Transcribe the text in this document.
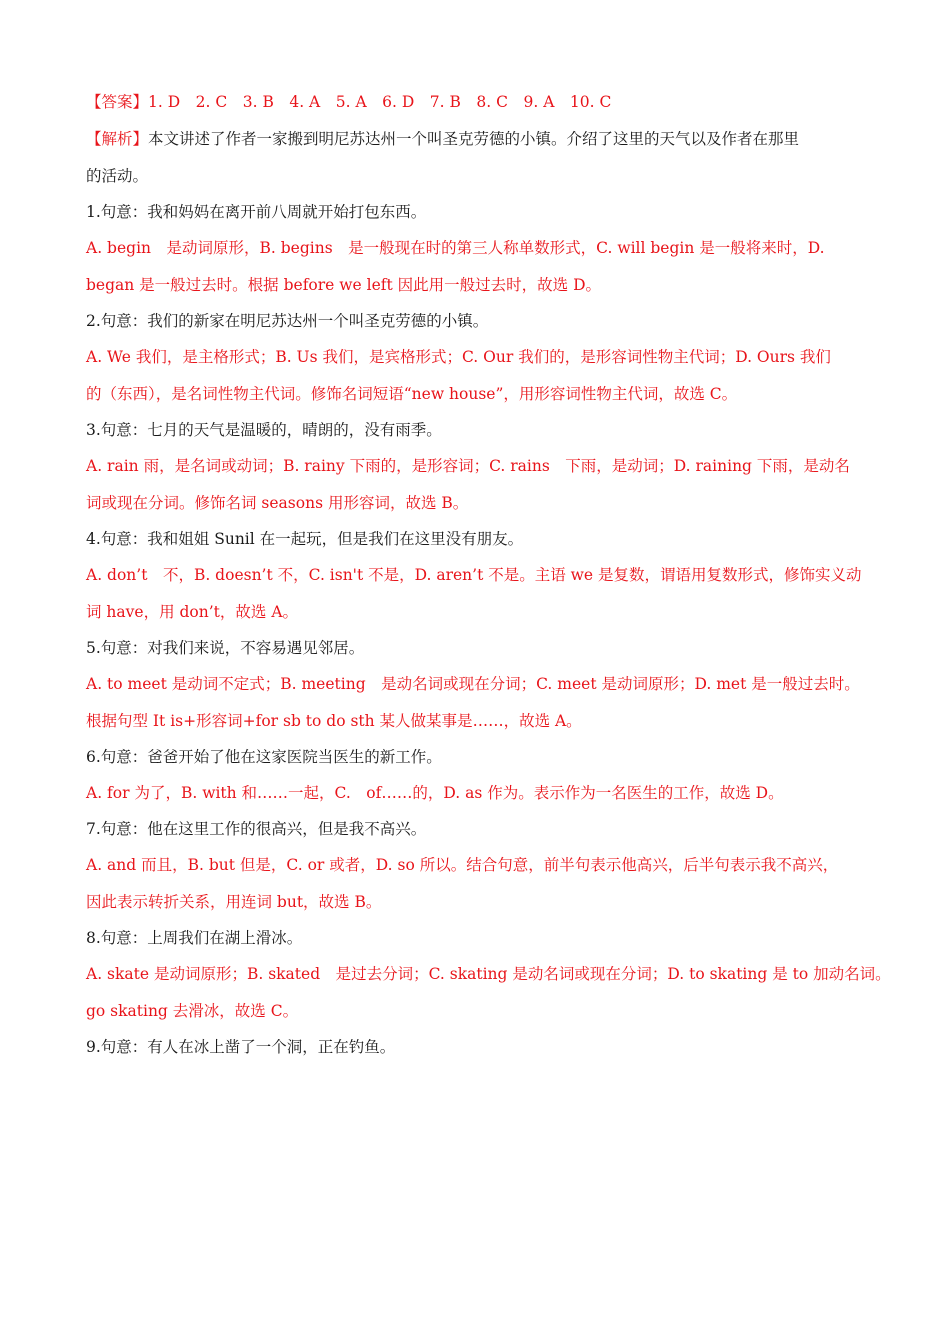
【答案】1. D　2. C　3. B　4. A　5. A　6. D　7. B　8. C　9. A　10. C

【解析】本文讲述了作者一家搬到明尼苏达州一个叫圣克劳德的小镇。介绍了这里的天气以及作者在那里

的活动。

1.句意：我和妈妈在离开前八周就开始打包东西。

A. begin　是动词原形，B. begins　是一般现在时的第三人称单数形式，C. will begin 是一般将来时，D.

began 是一般过去时。根据 before we left 因此用一般过去时，故选 D。

2.句意：我们的新家在明尼苏达州一个叫圣克劳德的小镇。

A. We 我们，是主格形式；B. Us 我们，是宾格形式；C. Our 我们的，是形容词性物主代词；D. Ours 我们

的（东西），是名词性物主代词。修饰名词短语“new house”，用形容词性物主代词，故选 C。

3.句意：七月的天气是温暖的，晴朗的，没有雨季。

A. rain 雨，是名词或动词；B. rainy 下雨的，是形容词；C. rains　下雨，是动词；D. raining 下雨，是动名

词或现在分词。修饰名词 seasons 用形容词，故选 B。

4.句意：我和姐姐 Sunil 在一起玩，但是我们在这里没有朋友。

A. don’t　不，B. doesn’t 不，C. isn't 不是，D. aren’t 不是。主语 we 是复数，谓语用复数形式，修饰实义动

词 have，用 don’t，故选 A。

5.句意：对我们来说，不容易遇见邻居。

A. to meet 是动词不定式；B. meeting　是动名词或现在分词；C. meet 是动词原形；D. met 是一般过去时。

根据句型 It is+形容词+for sb to do sth 某人做某事是……，故选 A。

6.句意：爸爸开始了他在这家医院当医生的新工作。

A. for 为了，B. with 和……一起，C.　of……的，D. as 作为。表示作为一名医生的工作，故选 D。

7.句意：他在这里工作的很高兴，但是我不高兴。

A. and 而且，B. but 但是，C. or 或者，D. so 所以。结合句意，前半句表示他高兴，后半句表示我不高兴，

因此表示转折关系，用连词 but，故选 B。

8.句意：上周我们在湖上滑冰。

A. skate 是动词原形；B. skated　是过去分词；C. skating 是动名词或现在分词；D. to skating 是 to 加动名词。

go skating 去滑冰，故选 C。

9.句意：有人在冰上凿了一个洞，正在钓鱼。
